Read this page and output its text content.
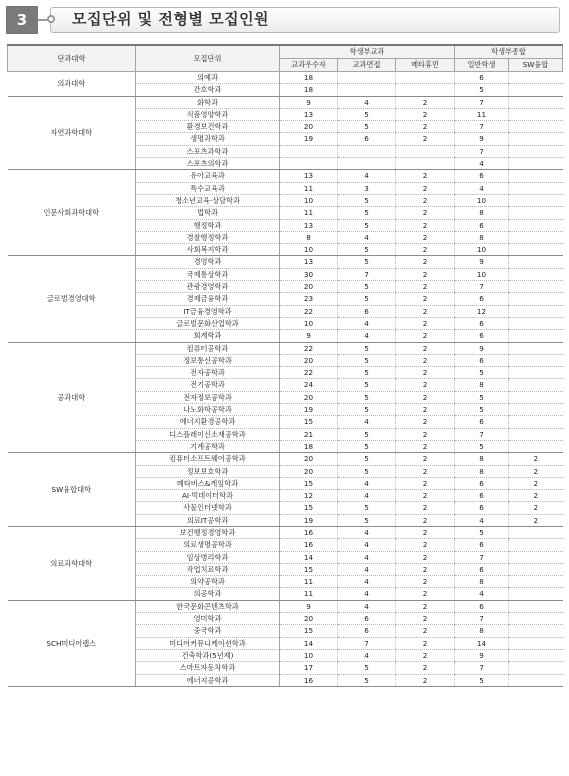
3	모집단위 및 전형별 모집인원
단과대학	모집단위	학생부교과			학생부종합	
		교과우수자	교과면접	메타휴먼	일반학생	SW융합
의과대학	의예과	18			6	
	간호학과	18			5	
자연과학대학	화학과	9	4	2	7	
	식품영양학과	13	5	2	11	
	환경보건학과	20	5	2	7	
	생명과학과	19	6	2	9	
	스포츠과학과				7	
	스포츠의학과				4	
인문사회과학대학	유아교육과	13	4	2	6	
	특수교육과	11	3	2	4	
	청소년교육·상담학과	10	5	2	10	
	법학과	11	5	2	8	
	행정학과	13	5	2	6	
	경찰행정학과	8	4	2	8	
	사회복지학과	10	5	2	10	
글로벌경영대학	경영학과	13	5	2	9	
	국제통상학과	30	7	2	10	
	관광경영학과	20	5	2	7	
	경제금융학과	23	5	2	6	
	IT금융경영학과	22	6	2	12	
	글로벌문화산업학과	10	4	2	6	
	회계학과	9	4	2	6	
공과대학	컴퓨터공학과	22	5	2	9	
	정보통신공학과	20	5	2	6	
	전자공학과	22	5	2	5	
	전기공학과	24	5	2	8	
	전자정보공학과	20	5	2	5	
	나노화학공학과	19	5	2	5	
	에너지환경공학과	15	4	2	6	
	디스플레이신소재공학과	21	5	2	7	
	기계공학과	18	5	2	5	
SW융합대학	컴퓨터소프트웨어공학과	20	5	2	8	2
	정보보호학과	20	5	2	8	2
	메타버스&게임학과	15	4	2	6	2
	AI·빅데이터학과	12	4	2	6	2
	사물인터넷학과	15	5	2	6	2
	의료IT공학과	19	5	2	4	2
의료과학대학	보건행정경영학과	16	4	2	5	
	의료생명공학과	16	4	2	6	
	임상병리학과	14	4	2	7	
	작업치료학과	15	4	2	6	
	의약공학과	11	4	2	8	
	의공학과	11	4	2	4	
SCH미디어랩스	한국문화콘텐츠학과	9	4	2	6	
	영미학과	20	6	2	7	
	중국학과	15	6	2	8	
	미디어커뮤니케이션학과	14	7	2	14	
	건축학과(5년제)	10	4	2	9	
	스마트자동차학과	17	5	2	7	
	에너지공학과	16	5	2	5	
